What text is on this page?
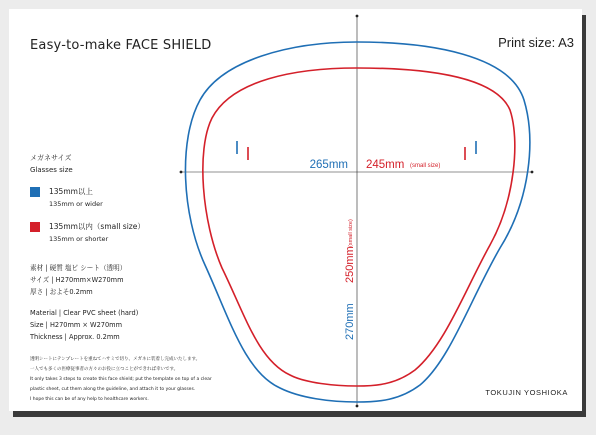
Easy-to-make FACE SHIELD	Print size: A3
メガネサイズ
Glasses size
135mm以上
135mm or wider
135mm以内（small size）
135mm or shorter
素材 | 硬質 塩ビ シート（透明）
サイズ | H270mm×W270mm
厚さ | およそ0.2mm
Material | Clear PVC sheet (hard)
Size | H270mm × W270mm
Thickness | Approx. 0.2mm
透明シートにテンプレートを重ねてハサミで切り、メガネに装着し完成いたします。
一人でも多くの医療従事者の方々のお役に立つことができれば幸いです。
It only takes 3 steps to create this face shield; put the template on top of a clear
plastic sheet, cut them along the guideline, and attach it to your glasses.
I hope this can be of any help to healthcare workers.
TOKUJIN YOSHIOKA
265mm 245mm (small size)
250mm
(small size)
270mm
